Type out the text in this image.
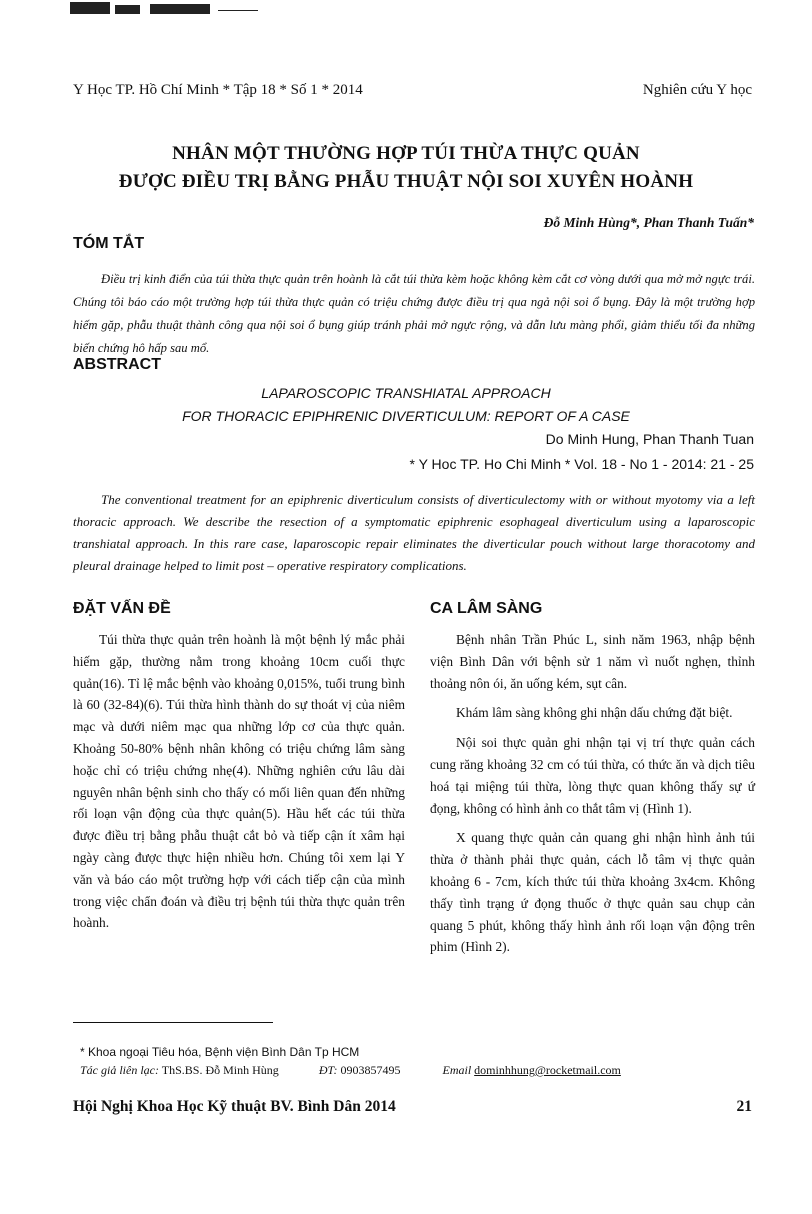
Y Học TP. Hồ Chí Minh * Tập 18 * Số 1 * 2014	Nghiên cứu Y học
NHÂN MỘT THƯỜNG HỢP TÚI THỪA THỰC QUẢN
ĐƯỢC ĐIỀU TRỊ BẰNG PHẪU THUẬT NỘI SOI XUYÊN HOÀNH
Đỗ Minh Hùng*, Phan Thanh Tuấn*
TÓM TẮT
Điều trị kinh điển của túi thừa thực quản trên hoành là cắt túi thừa kèm hoặc không kèm cắt cơ vòng dưới qua mở mở ngực trái. Chúng tôi báo cáo một trường hợp túi thừa thực quản có triệu chứng được điều trị qua ngả nội soi ổ bụng. Đây là một trường hợp hiếm gặp, phẫu thuật thành công qua nội soi ổ bụng giúp tránh phải mở ngực rộng, và dẫn lưu màng phổi, giảm thiểu tối đa những biến chứng hô hấp sau mổ.
ABSTRACT
LAPAROSCOPIC TRANSHIATAL APPROACH
FOR THORACIC EPIPHRENIC DIVERTICULUM: REPORT OF A CASE
Do Minh Hung, Phan Thanh Tuan
* Y Hoc TP. Ho Chi Minh * Vol. 18 - No 1 - 2014: 21 - 25
The conventional treatment for an epiphrenic diverticulum consists of diverticulectomy with or without myotomy via a left thoracic approach. We describe the resection of a symptomatic epiphrenic esophageal diverticulum using a laparoscopic transhiatal approach. In this rare case, laparoscopic repair eliminates the diverticular pouch without large thoracotomy and pleural drainage helped to limit post – operative respiratory complications.
ĐẶT VẤN ĐỀ	CA LÂM SÀNG

Túi thừa thực quản trên hoành là một bệnh lý mắc phải hiếm gặp, thường nằm trong khoảng 10cm cuối thực quản(16). Tỉ lệ mắc bệnh vào khoảng 0,015%, tuổi trung bình là 60 (32-84)(6). Túi thừa hình thành do sự thoát vị của niêm mạc và dưới niêm mạc qua những lớp cơ của thực quản. Khoảng 50-80% bệnh nhân không có triệu chứng lâm sàng hoặc chỉ có triệu chứng nhẹ(4). Những nghiên cứu lâu dài nguyên nhân bệnh sinh cho thấy có mối liên quan đến những rối loạn vận động của thực quản(5). Hầu hết các túi thừa được điều trị bằng phẫu thuật cắt bỏ và tiếp cận ít xâm hại ngày càng được thực hiện nhiều hơn. Chúng tôi xem lại Y văn và báo cáo một trường hợp với cách tiếp cận của mình trong việc chẩn đoán và điều trị bệnh túi thừa thực quản trên hoành.

Bệnh nhân Trần Phúc L, sinh năm 1963, nhập bệnh viện Bình Dân với bệnh sử 1 năm vì nuốt nghẹn, thỉnh thoảng nôn ói, ăn uống kém, sụt cân.

Khám lâm sàng không ghi nhận dấu chứng đặt biệt.

Nội soi thực quản ghi nhận tại vị trí thực quản cách cung răng khoảng 32 cm có túi thừa, có thức ăn và dịch tiêu hoá tại miệng túi thừa, lòng thực quan không thấy sự ứ đọng, không có hình ảnh co thắt tâm vị (Hình 1).

X quang thực quản cản quang ghi nhận hình ảnh túi thừa ở thành phải thực quản, cách lỗ tâm vị thực quản khoảng 6 - 7cm, kích thức túi thừa khoảng 3x4cm. Không thấy tình trạng ứ đọng thuốc ở thực quản sau chụp cản quang 5 phút, không thấy hình ảnh rối loạn vận động trên phim (Hình 2).

* Khoa ngoại Tiêu hóa, Bệnh viện Bình Dân Tp HCM
Tác giả liên lạc: ThS.BS. Đỗ Minh Hùng	ĐT: 0903857495	Email dominhhung@rocketmail.com
Hội Nghị Khoa Học Kỹ thuật BV. Bình Dân 2014	21
